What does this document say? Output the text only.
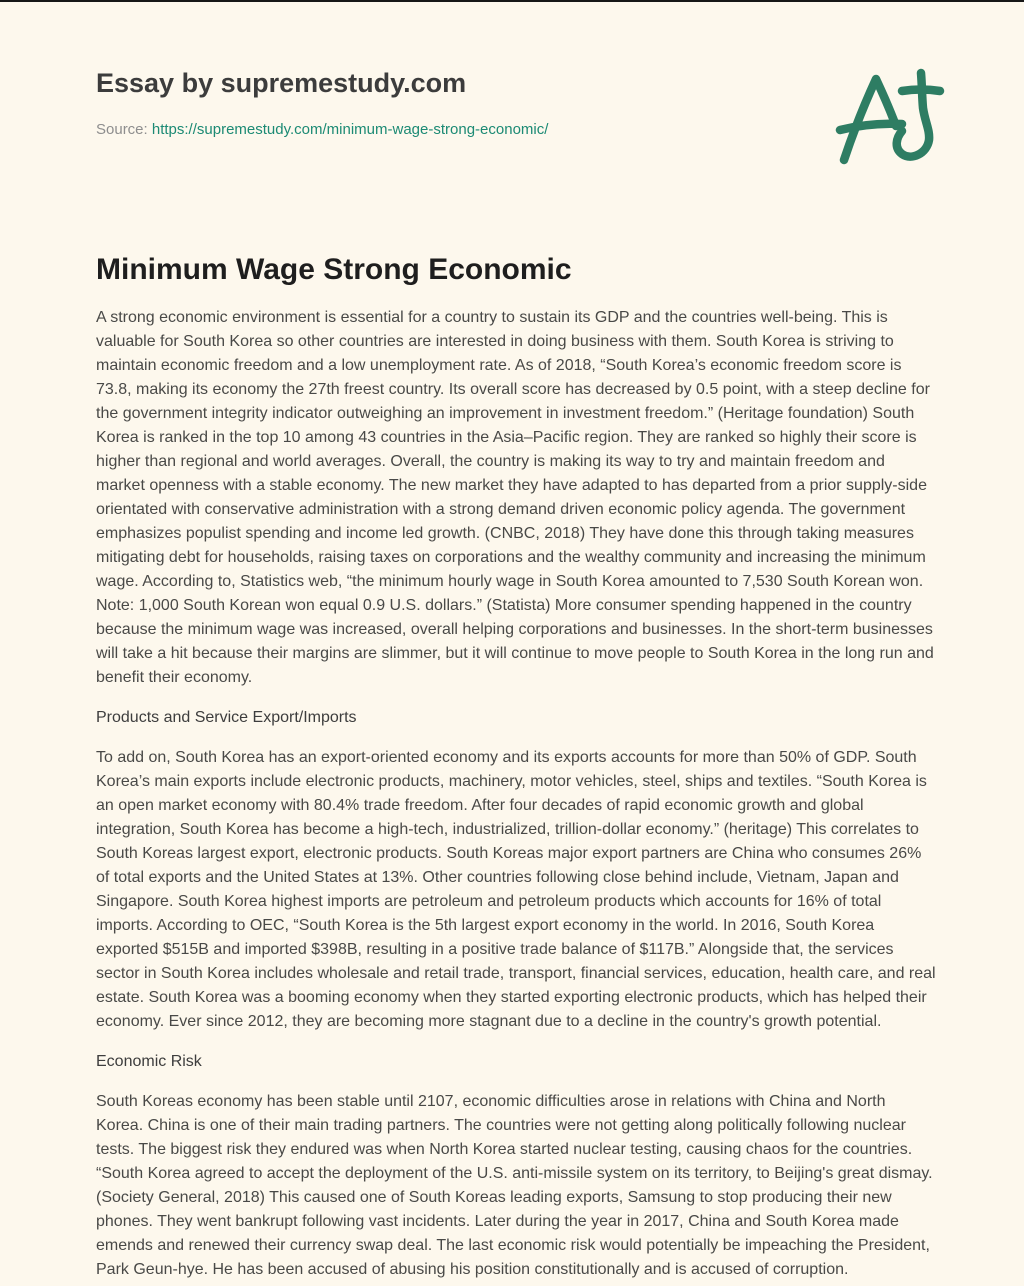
Essay by supremestudy.com
Source: https://supremestudy.com/minimum-wage-strong-economic/
Minimum Wage Strong Economic

A strong economic environment is essential for a country to sustain its GDP and the countries well-being. This is valuable for South Korea so other countries are interested in doing business with them. South Korea is striving to maintain economic freedom and a low unemployment rate. As of 2018, “South Korea’s economic freedom score is 73.8, making its economy the 27th freest country. Its overall score has decreased by 0.5 point, with a steep decline for the government integrity indicator outweighing an improvement in investment freedom.” (Heritage foundation) South Korea is ranked in the top 10 among 43 countries in the Asia–Pacific region. They are ranked so highly their score is higher than regional and world averages. Overall, the country is making its way to try and maintain freedom and market openness with a stable economy. The new market they have adapted to has departed from a prior supply-side orientated with conservative administration with a strong demand driven economic policy agenda. The government emphasizes populist spending and income led growth. (CNBC, 2018) They have done this through taking measures mitigating debt for households, raising taxes on corporations and the wealthy community and increasing the minimum wage. According to, Statistics web, “the minimum hourly wage in South Korea amounted to 7,530 South Korean won. Note: 1,000 South Korean won equal 0.9 U.S. dollars.” (Statista) More consumer spending happened in the country because the minimum wage was increased, overall helping corporations and businesses. In the short-term businesses will take a hit because their margins are slimmer, but it will continue to move people to South Korea in the long run and benefit their economy.

Products and Service Export/Imports

To add on, South Korea has an export-oriented economy and its exports accounts for more than 50% of GDP. South Korea’s main exports include electronic products, machinery, motor vehicles, steel, ships and textiles. “South Korea is an open market economy with 80.4% trade freedom. After four decades of rapid economic growth and global integration, South Korea has become a high-tech, industrialized, trillion-dollar economy.” (heritage) This correlates to South Koreas largest export, electronic products. South Koreas major export partners are China who consumes 26% of total exports and the United States at 13%. Other countries following close behind include, Vietnam, Japan and Singapore. South Korea highest imports are petroleum and petroleum products which accounts for 16% of total imports. According to OEC, “South Korea is the 5th largest export economy in the world. In 2016, South Korea exported $515B and imported $398B, resulting in a positive trade balance of $117B.” Alongside that, the services sector in South Korea includes wholesale and retail trade, transport, financial services, education, health care, and real estate. South Korea was a booming economy when they started exporting electronic products, which has helped their economy. Ever since 2012, they are becoming more stagnant due to a decline in the country's growth potential.

Economic Risk

South Koreas economy has been stable until 2107, economic difficulties arose in relations with China and North Korea. China is one of their main trading partners. The countries were not getting along politically following nuclear tests. The biggest risk they endured was when North Korea started nuclear testing, causing chaos for the countries. “South Korea agreed to accept the deployment of the U.S. anti-missile system on its territory, to Beijing's great dismay. (Society General, 2018) This caused one of South Koreas leading exports, Samsung to stop producing their new phones. They went bankrupt following vast incidents. Later during the year in 2017, China and South Korea made emends and renewed their currency swap deal. The last economic risk would potentially be impeaching the President, Park Geun-hye. He has been accused of abusing his position constitutionally and is accused of corruption.
